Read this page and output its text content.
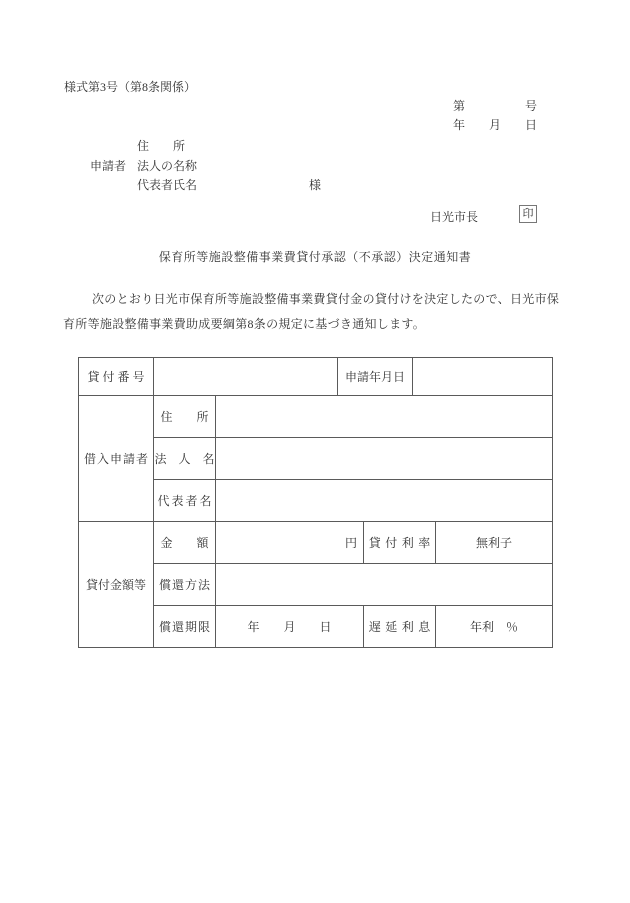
様式第3号（第8条関係）
第　　　　　号
年　　月　　日
住　　所
申請者 法人の名称
代表者氏名	様
日光市長	印
保育所等施設整備事業費貸付承認（不承認）決定通知書
次のとおり日光市保育所等施設整備事業費貸付金の貸付けを決定したので、日光市保
育所等施設整備事業費助成要綱第8条の規定に基づき通知します。
貸付番号			申請年月日			
借入申請者	住　　所					
	法　人　名					
	代表者名					
貸付金額等	金　　額	円		貸付利率		無利子
	償還方法					
	償還期限	年　　月　　日		遅延利息		年利　％
